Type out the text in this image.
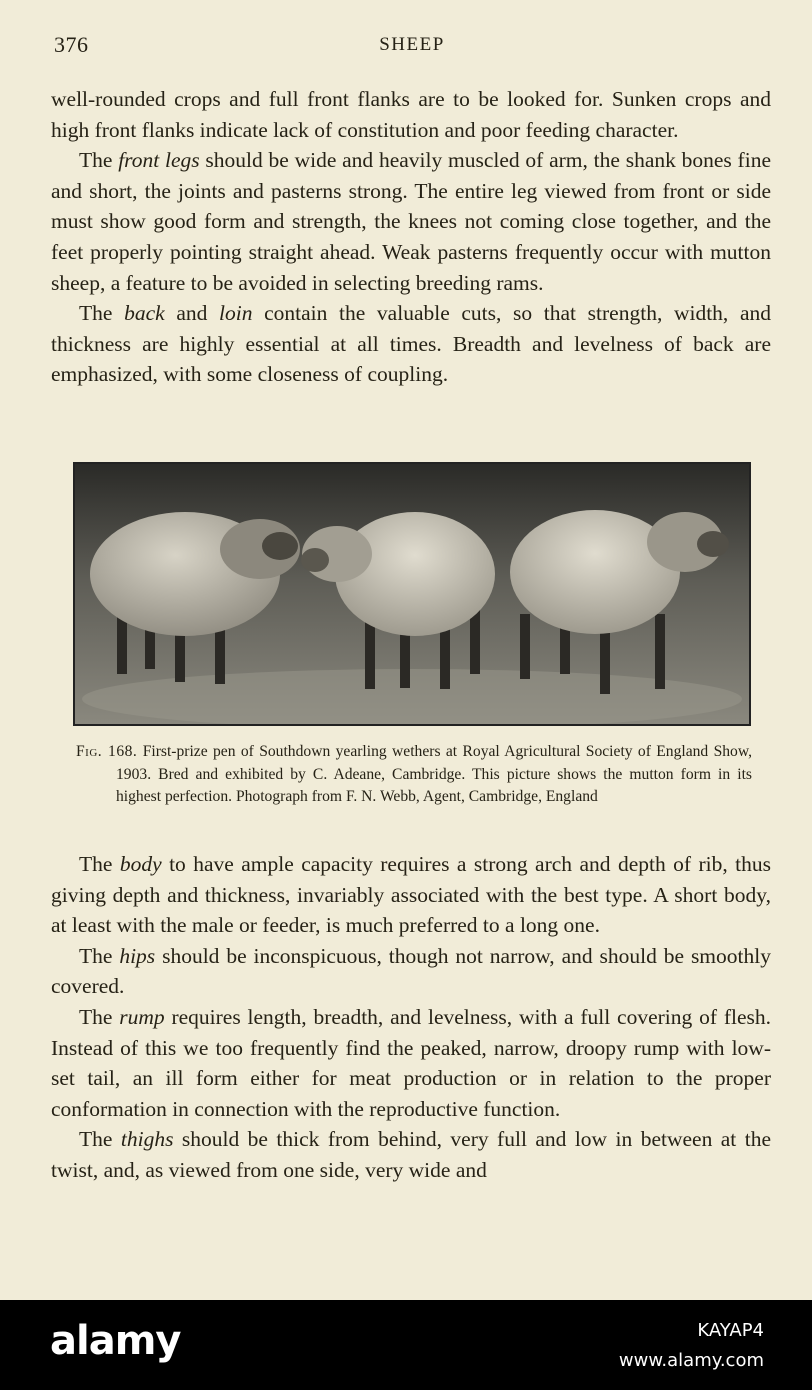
376	SHEEP

well-rounded crops and full front flanks are to be looked for. Sunken crops and high front flanks indicate lack of constitution and poor feeding character.

The front legs should be wide and heavily muscled of arm, the shank bones fine and short, the joints and pasterns strong. The entire leg viewed from front or side must show good form and strength, the knees not coming close together, and the feet properly pointing straight ahead. Weak pasterns frequently occur with mutton sheep, a feature to be avoided in selecting breeding rams.

The back and loin contain the valuable cuts, so that strength, width, and thickness are highly essential at all times. Breadth and levelness of back are emphasized, with some closeness of coupling.

Fig. 168. First-prize pen of Southdown yearling wethers at Royal Agricultural Society of England Show, 1903. Bred and exhibited by C. Adeane, Cambridge. This picture shows the mutton form in its highest perfection. Photograph from F. N. Webb, Agent, Cambridge, England

The body to have ample capacity requires a strong arch and depth of rib, thus giving depth and thickness, invariably associated with the best type. A short body, at least with the male or feeder, is much preferred to a long one.

The hips should be inconspicuous, though not narrow, and should be smoothly covered.

The rump requires length, breadth, and levelness, with a full covering of flesh. Instead of this we too frequently find the peaked, narrow, droopy rump with low-set tail, an ill form either for meat production or in relation to the proper conformation in connection with the reproductive function.

The thighs should be thick from behind, very full and low in between at the twist, and, as viewed from one side, very wide and

alamy	KAYAP4
www.alamy.com
